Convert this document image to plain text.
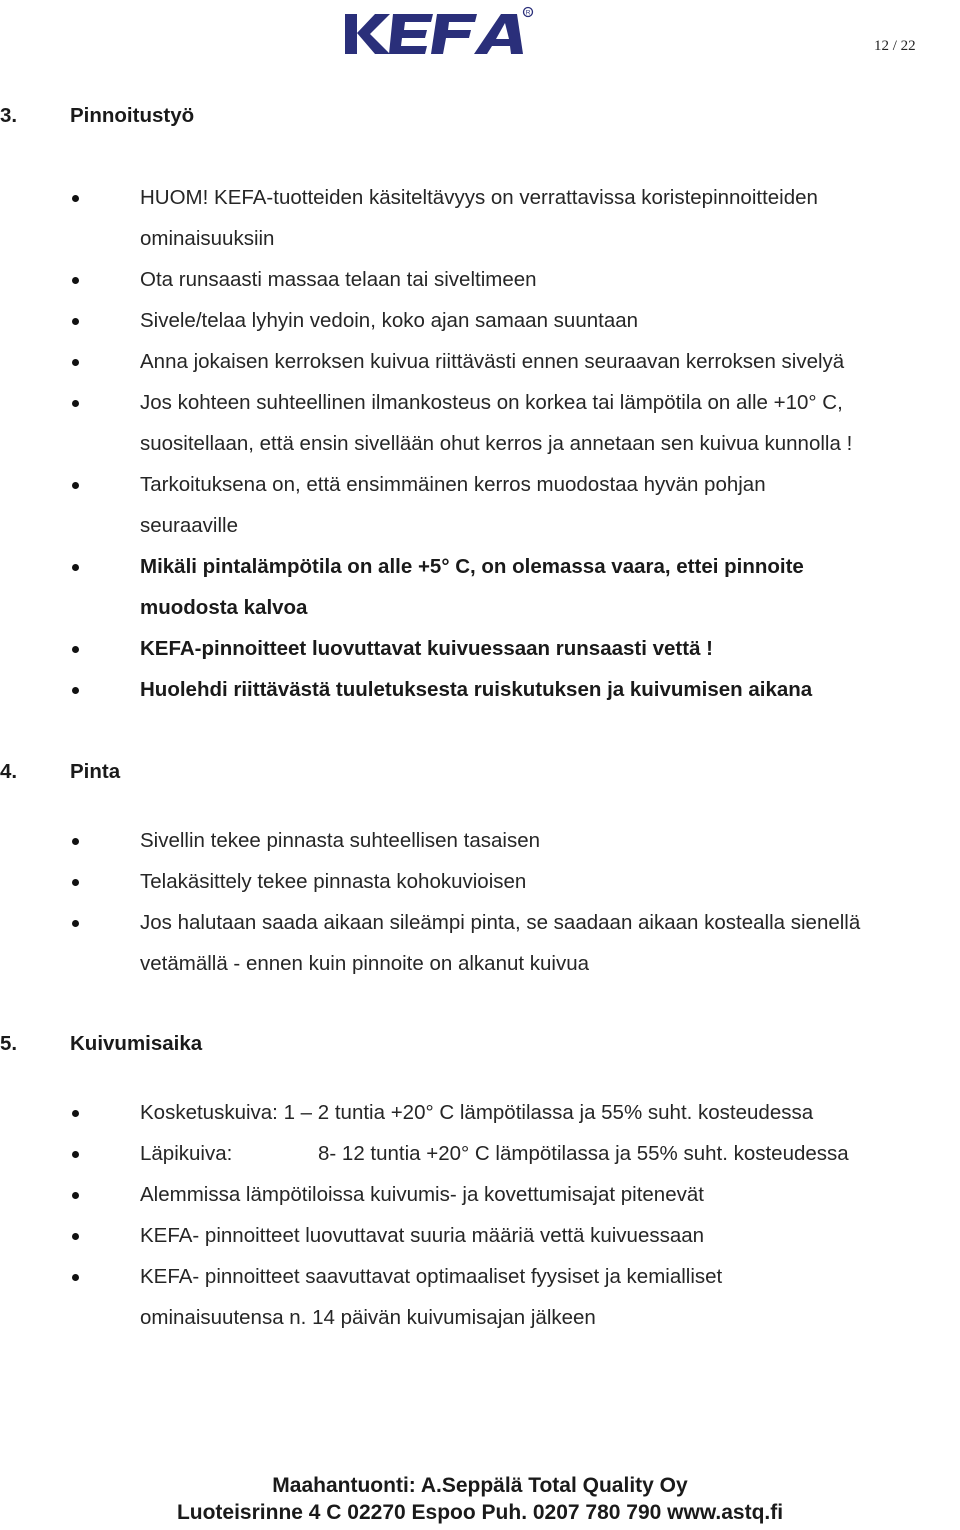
R
12 / 22
3.	Pinnoitustyö
HUOM! KEFA-tuotteiden käsiteltävyys on verrattavissa koristepinnoitteiden
ominaisuuksiin
Ota runsaasti massaa telaan tai siveltimeen
Sivele/telaa lyhyin vedoin, koko ajan samaan suuntaan
Anna jokaisen kerroksen kuivua riittävästi ennen seuraavan kerroksen sivelyä
Jos kohteen suhteellinen ilmankosteus on korkea tai lämpötila on alle +10° C,
suositellaan, että ensin sivellään ohut kerros ja annetaan sen kuivua kunnolla !
Tarkoituksena on, että ensimmäinen kerros muodostaa hyvän pohjan
seuraaville
Mikäli pintalämpötila on alle +5° C, on olemassa vaara, ettei pinnoite
muodosta kalvoa
KEFA-pinnoitteet luovuttavat kuivuessaan runsaasti vettä !
Huolehdi riittävästä tuuletuksesta ruiskutuksen ja kuivumisen aikana
4.	Pinta
Sivellin tekee pinnasta suhteellisen tasaisen
Telakäsittely tekee pinnasta kohokuvioisen
Jos halutaan saada aikaan sileämpi pinta, se saadaan aikaan kostealla sienellä
vetämällä - ennen kuin pinnoite on alkanut kuivua
5.	Kuivumisaika
Kosketuskuiva: 1 – 2 tuntia +20° C lämpötilassa ja 55% suht. kosteudessa
Läpikuiva:	8- 12 tuntia +20° C lämpötilassa ja 55% suht. kosteudessa
Alemmissa lämpötiloissa kuivumis- ja kovettumisajat pitenevät
KEFA- pinnoitteet luovuttavat suuria määriä vettä kuivuessaan
KEFA- pinnoitteet saavuttavat optimaaliset fyysiset ja kemialliset
ominaisuutensa n. 14 päivän kuivumisajan jälkeen
Maahantuonti: A.Seppälä Total Quality Oy
Luoteisrinne 4 C 02270 Espoo Puh. 0207 780 790 www.astq.fi
